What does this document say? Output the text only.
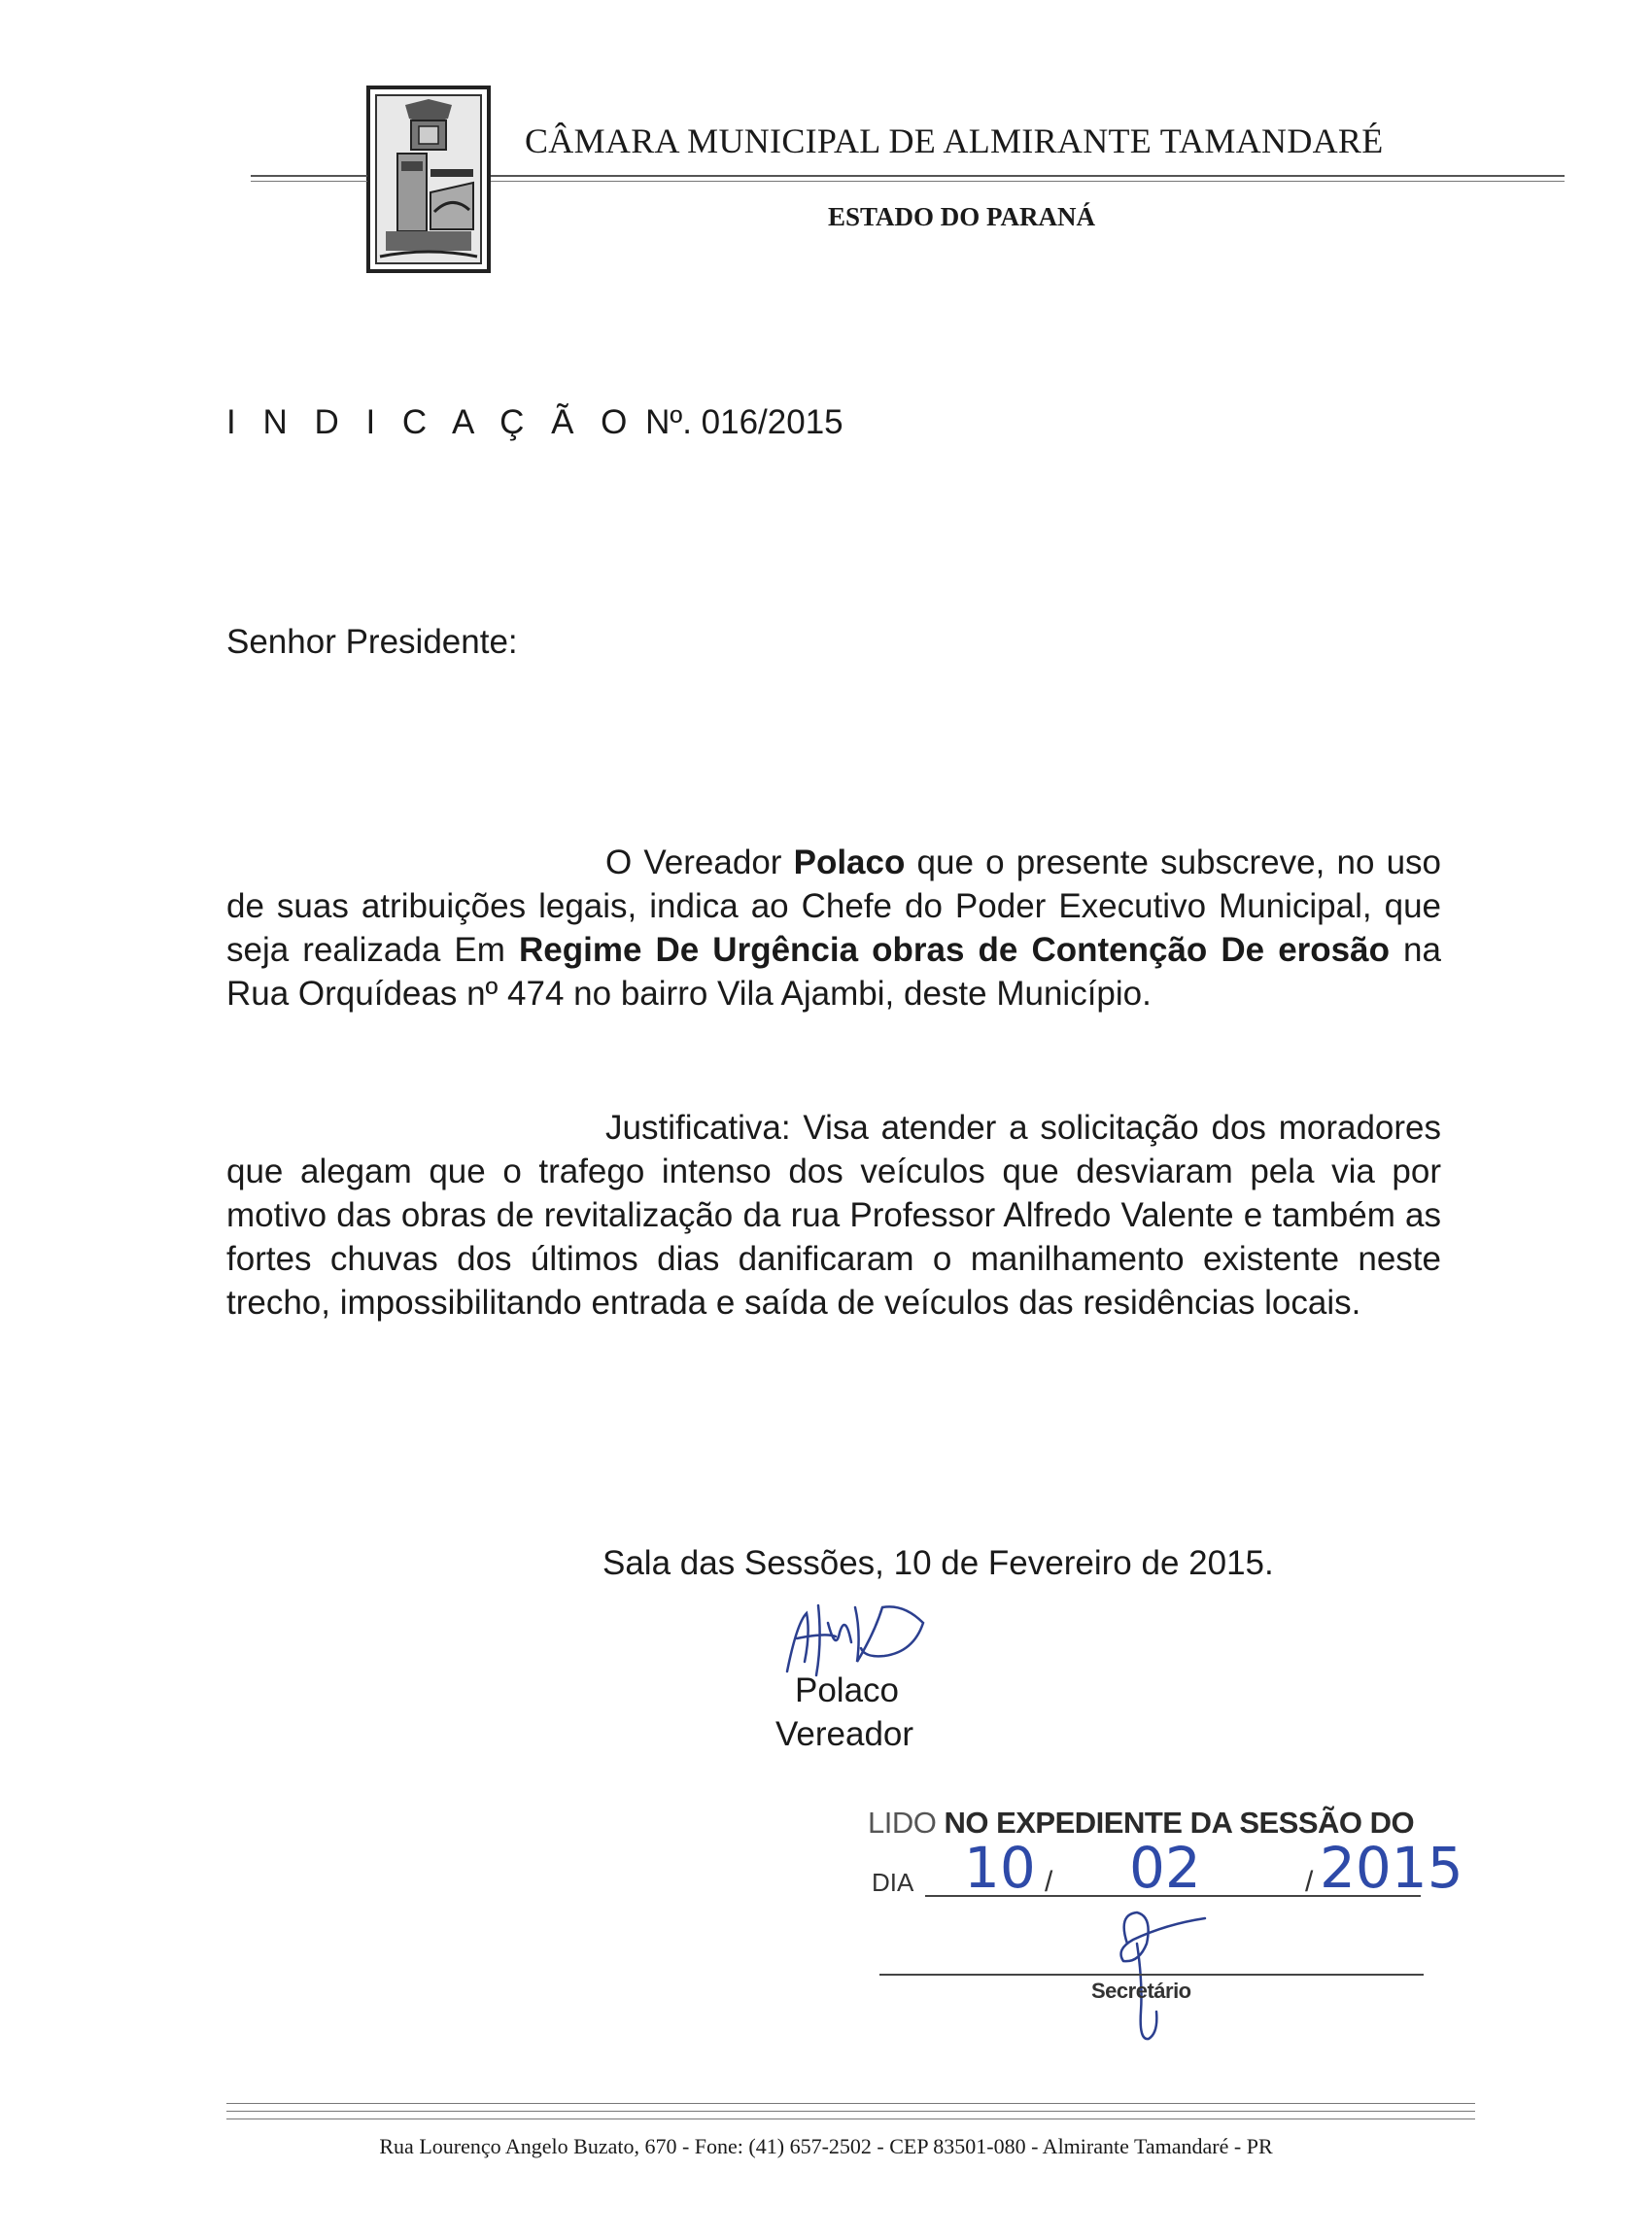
CÂMARA MUNICIPAL DE ALMIRANTE TAMANDARÉ
ESTADO DO PARANÁ
I N D I C A Ç Ã O Nº. 016/2015
Senhor Presidente:
O Vereador Polaco que o presente subscreve, no uso de suas atribuições legais, indica ao Chefe do Poder Executivo Municipal, que seja realizada Em Regime De Urgência obras de Contenção De erosão na Rua Orquídeas nº 474 no bairro Vila Ajambi, deste Município.
Justificativa: Visa atender a solicitação dos moradores que alegam que o trafego intenso dos veículos que desviaram pela via por motivo das obras de revitalização da rua Professor Alfredo Valente e também as fortes chuvas dos últimos dias danificaram o manilhamento existente neste trecho, impossibilitando entrada e saída de veículos das residências locais.
Sala das Sessões, 10 de Fevereiro de 2015.
Polaco
Vereador
LIDO NO EXPEDIENTE DA SESSÃO DO
DIA 10 / 02	/ 2015
Secretário
Rua Lourenço Angelo Buzato, 670 - Fone: (41) 657-2502 - CEP 83501-080 - Almirante Tamandaré - PR
